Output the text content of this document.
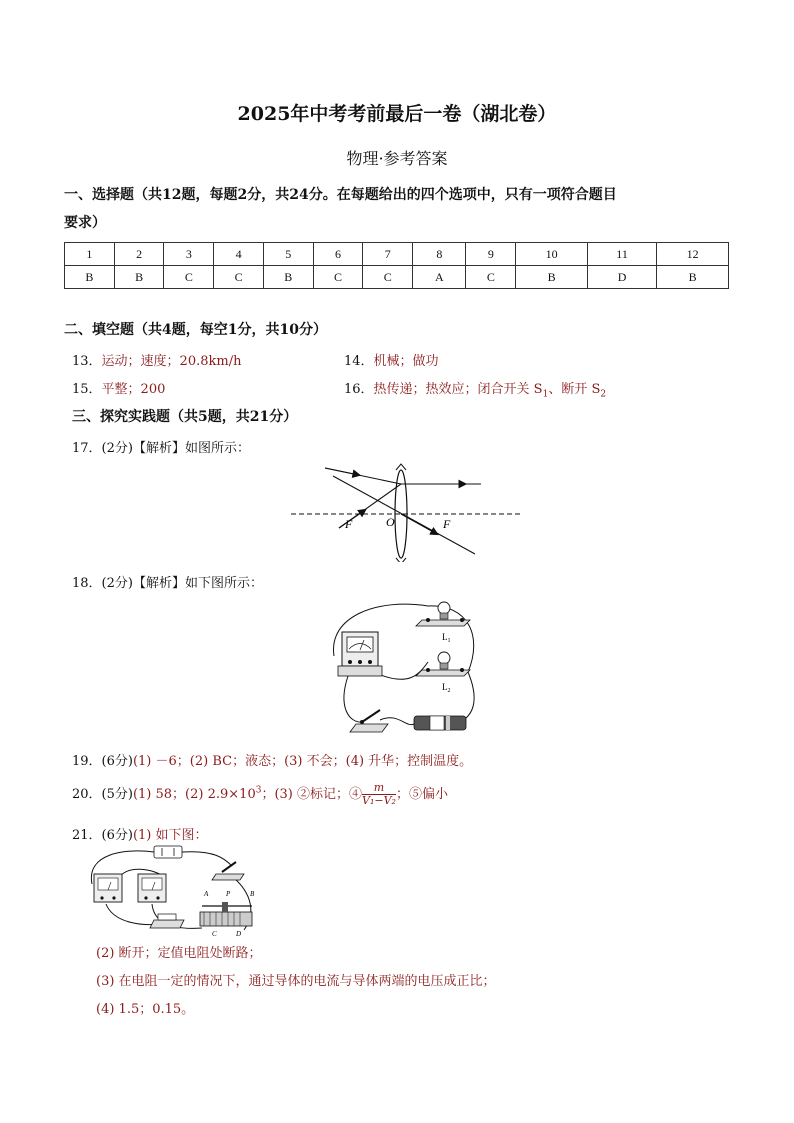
2025年中考考前最后一卷（湖北卷）
物理·参考答案
一、选择题（共12题，每题2分，共24分。在每题给出的四个选项中，只有一项符合题目
要求）
1	2	3	4	5	6	7	8	9	10	11	12
B	B	C	C	B	C	C	A	C	B	D	B
二、填空题（共4题，每空1分，共10分）
13．运动；速度；20.8km/h	14．机械；做功
15．平整；200	16．热传递；热效应；闭合开关 $S_1$、断开 $S_2$
三、探究实践题（共5题，共21分）
17．(2分)【解析】如图所示：
F	O	F
18．(2分)【解析】如下图所示：
$L_1$
$L_2$
19．(6分)(1) －6；(2) BC；液态；(3) 不会；(4) 升华；控制温度。
20．(5分)(1) 58；(2) $2.9\times 10^3$；(3) ②标记；④ $\frac{m}{\text{V₁−V₂}}$ ；⑤偏小
21．(6分)(1) 如下图：
A	P	B
C	D
(2) 断开；定值电阻处断路；
(3) 在电阻一定的情况下，通过导体的电流与导体两端的电压成正比；
(4) 1.5；0.15。
